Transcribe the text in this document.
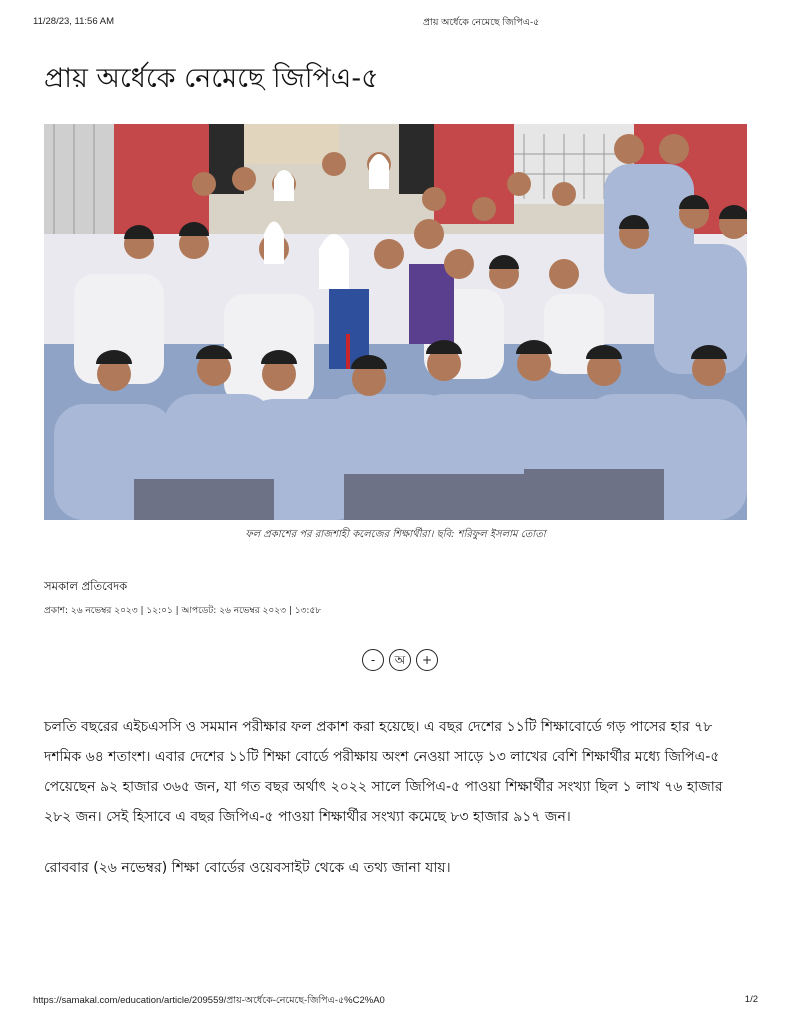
11/28/23, 11:56 AM	প্রায় অর্ধেকে নেমেছে জিপিএ-৫
প্রায় অর্ধেকে নেমেছে জিপিএ-৫
ফল প্রকাশের পর রাজশাহী কলেজের শিক্ষার্থীরা। ছবি: শরিফুল ইসলাম তোতা
সমকাল প্রতিবেদক
প্রকাশ: ২৬ নভেম্বর ২০২৩ | ১২:০১ | আপডেট: ২৬ নভেম্বর ২০২৩ | ১৩:৫৮
-	অ	+

চলতি বছরের এইচএসসি ও সমমান পরীক্ষার ফল প্রকাশ করা হয়েছে। এ বছর দেশের ১১টি শিক্ষাবোর্ডে গড় পাসের হার ৭৮ দশমিক ৬৪ শতাংশ। এবার দেশের ১১টি শিক্ষা বোর্ডে পরীক্ষায় অংশ নেওয়া সাড়ে ১৩ লাখের বেশি শিক্ষার্থীর মধ্যে জিপিএ-৫ পেয়েছেন ৯২ হাজার ৩৬৫ জন, যা গত বছর অর্থাৎ ২০২২ সালে জিপিএ-৫ পাওয়া শিক্ষার্থীর সংখ্যা ছিল ১ লাখ ৭৬ হাজার ২৮২ জন। সেই হিসাবে এ বছর জিপিএ-৫ পাওয়া শিক্ষার্থীর সংখ্যা কমেছে ৮৩ হাজার ৯১৭ জন।

রোববার (২৬ নভেম্বর) শিক্ষা বোর্ডের ওয়েবসাইট থেকে এ তথ্য জানা যায়।

https://samakal.com/education/article/209559/প্রায়-অর্ধেকে-নেমেছে-জিপিএ-৫%C2%A0	1/2
